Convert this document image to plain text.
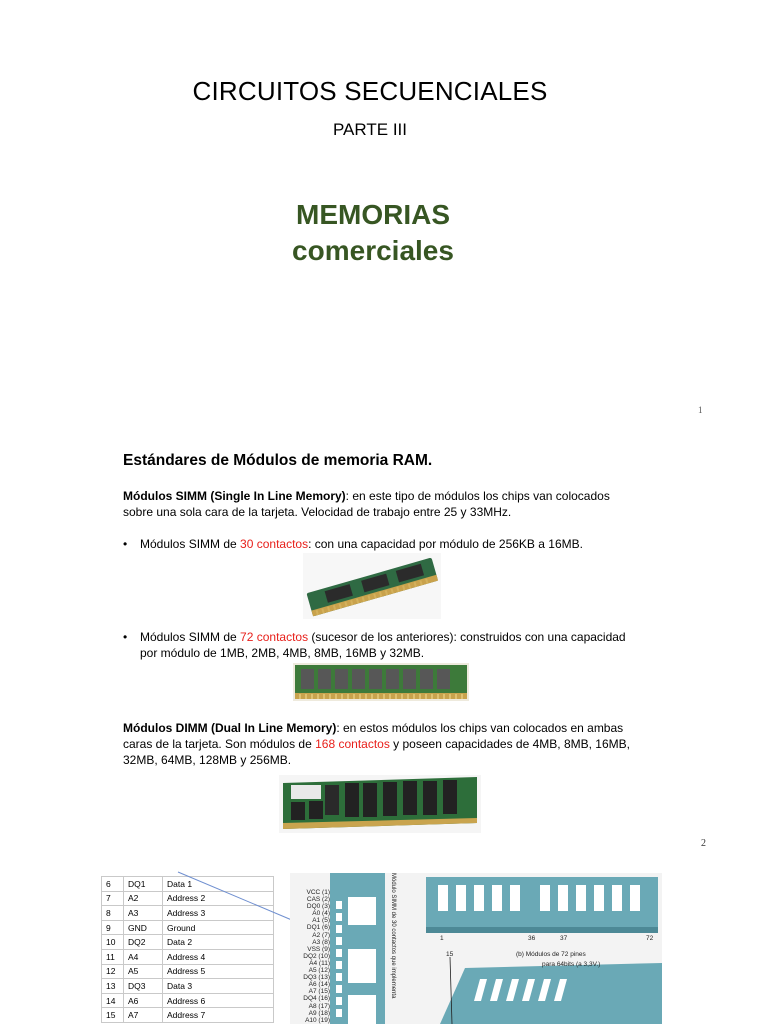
CIRCUITOS SECUENCIALES
PARTE III
MEMORIAS
comerciales
1
Estándares de Módulos de memoria RAM.
Módulos SIMM (Single In Line Memory): en este tipo de módulos los chips van colocados sobre una sola cara de la tarjeta. Velocidad de trabajo entre 25 y 33MHz.
• Módulos SIMM de 30 contactos: con una capacidad por módulo de 256KB a 16MB.
• Módulos SIMM de 72 contactos (sucesor de los anteriores): construidos con una capacidad por módulo de 1MB, 2MB, 4MB, 8MB, 16MB y 32MB.
Módulos DIMM (Dual In Line Memory): en estos módulos los chips van colocados en ambas caras de la tarjeta. Son módulos de 168 contactos y poseen capacidades de 4MB, 8MB, 16MB, 32MB, 64MB, 128MB y 256MB.
2
6	DQ1	Data 1
7	A2	Address 2
8	A3	Address 3
9	GND	Ground
10	DQ2	Data 2
11	A4	Address 4
12	A5	Address 5
13	DQ3	Data 3
14	A6	Address 6
15	A7	Address 7
VCC (1)
CAS (2)
DQ0 (3)
A0 (4)
A1 (5)
DQ1 (6)
A2 (7)
A3 (8)
VSS (9)
DQ2 (10)
A4 (11)
A5 (12)
DQ3 (13)
A6 (14)
A7 (15)
DQ4 (16)
A8 (17)
A9 (18)
A10 (19)
Módulo SIMM de 30 contactos que implementa	1	36	37	72
15	(b) Módulos de 72 pines
para 64bits (a 3,3V.)
